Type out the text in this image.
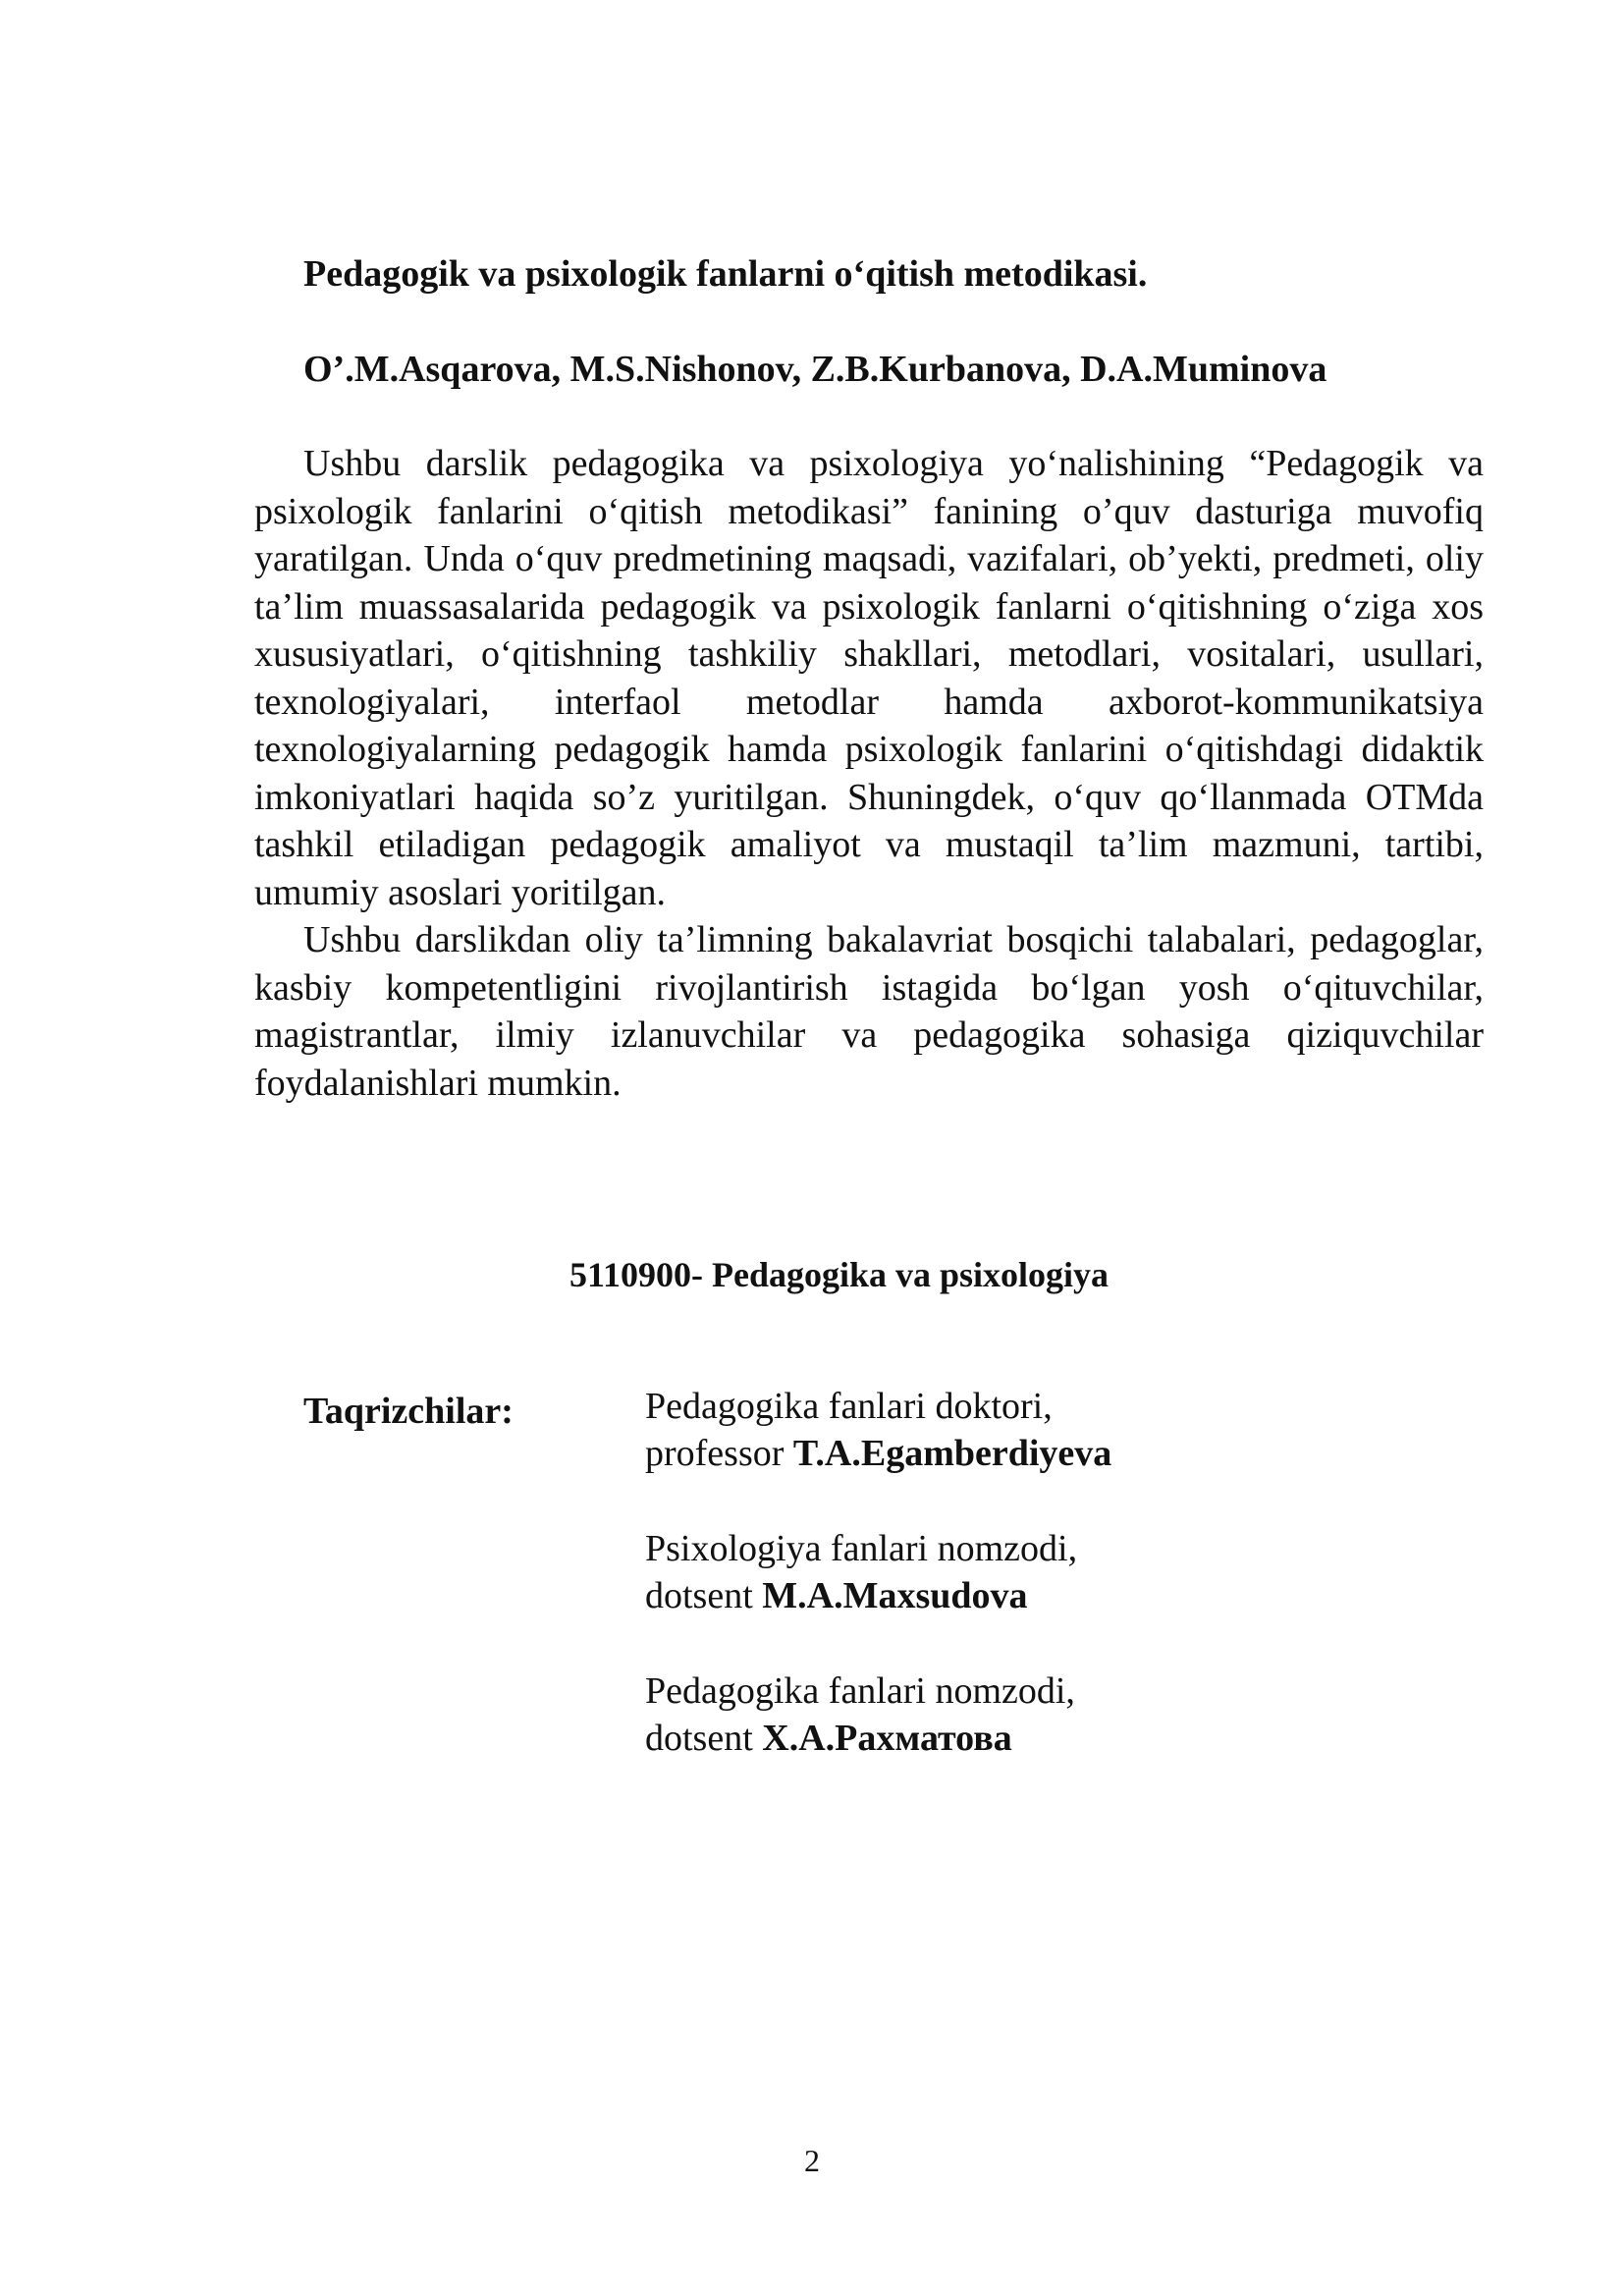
Pedagogik va psixologik fanlarni o‘qitish metodikasi.
O’.M.Asqarova, M.S.Nishonov, Z.B.Kurbanova, D.A.Muminova

Ushbu darslik pedagogika va psixologiya yo‘nalishining “Pedagogik va psixologik fanlarini o‘qitish metodikasi” fanining o’quv dasturiga muvofiq yaratilgan. Unda o‘quv predmetining maqsadi, vazifalari, ob’yekti, predmeti, oliy ta’lim muassasalarida pedagogik va psixologik fanlarni o‘qitishning o‘ziga xos xususiyatlari, o‘qitishning tashkiliy shakllari, metodlari, vositalari, usullari, texnologiyalari, interfaol metodlar hamda axborot-kommunikatsiya texnologiyalarning pedagogik hamda psixologik fanlarini o‘qitishdagi didaktik imkoniyatlari haqida so’z yuritilgan. Shuningdek, o‘quv qo‘llanmada OTMda tashkil etiladigan pedagogik amaliyot va mustaqil ta’lim mazmuni, tartibi, umumiy asoslari yoritilgan.

Ushbu darslikdan oliy ta’limning bakalavriat bosqichi talabalari, pedagoglar, kasbiy kompetentligini rivojlantirish istagida bo‘lgan yosh o‘qituvchilar, magistrantlar, ilmiy izlanuvchilar va pedagogika sohasiga qiziquvchilar foydalanishlari mumkin.

5110900- Pedagogika va psixologiya
Taqrizchilar:	Pedagogika fanlari doktori,
professor T.A.Egamberdiyeva
Psixologiya fanlari nomzodi,
dotsent M.A.Maxsudova
Pedagogika fanlari nomzodi,
dotsent X.A.Рахматова
2
